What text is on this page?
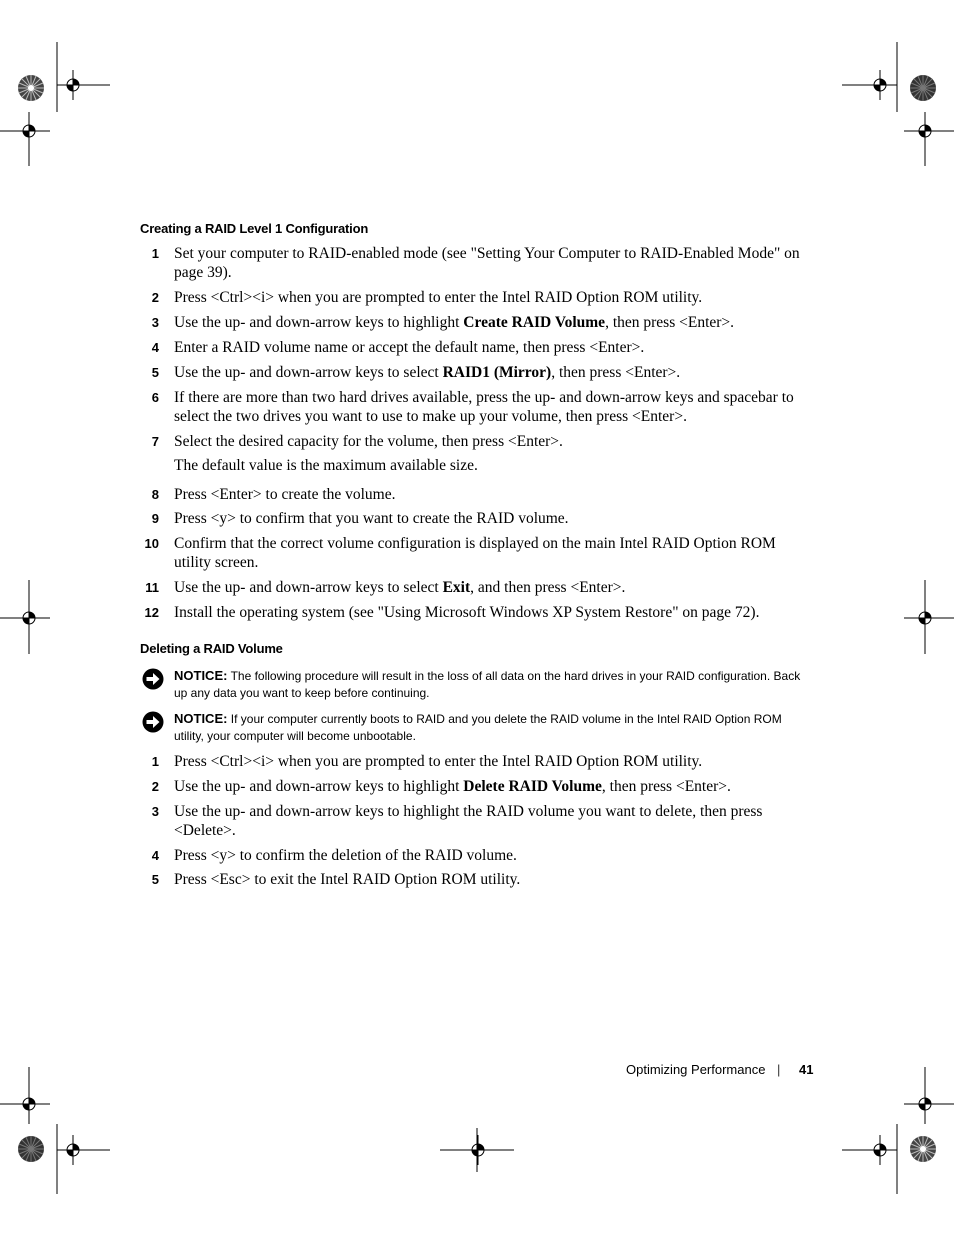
Creating a RAID Level 1 Configuration
1 Set your computer to RAID-enabled mode (see "Setting Your Computer to RAID-Enabled Mode" on page 39).
2 Press <Ctrl><i> when you are prompted to enter the Intel RAID Option ROM utility.
3 Use the up- and down-arrow keys to highlight Create RAID Volume, then press <Enter>.
4 Enter a RAID volume name or accept the default name, then press <Enter>.
5 Use the up- and down-arrow keys to select RAID1 (Mirror), then press <Enter>.
6 If there are more than two hard drives available, press the up- and down-arrow keys and spacebar to select the two drives you want to use to make up your volume, then press <Enter>.
7 Select the desired capacity for the volume, then press <Enter>.
The default value is the maximum available size.
8 Press <Enter> to create the volume.
9 Press <y> to confirm that you want to create the RAID volume.
10 Confirm that the correct volume configuration is displayed on the main Intel RAID Option ROM utility screen.
11 Use the up- and down-arrow keys to select Exit, and then press <Enter>.
12 Install the operating system (see "Using Microsoft Windows XP System Restore" on page 72).
Deleting a RAID Volume
NOTICE: The following procedure will result in the loss of all data on the hard drives in your RAID configuration. Back up any data you want to keep before continuing.
NOTICE: If your computer currently boots to RAID and you delete the RAID volume in the Intel RAID Option ROM utility, your computer will become unbootable.
1 Press <Ctrl><i> when you are prompted to enter the Intel RAID Option ROM utility.
2 Use the up- and down-arrow keys to highlight Delete RAID Volume, then press <Enter>.
3 Use the up- and down-arrow keys to highlight the RAID volume you want to delete, then press <Delete>.
4 Press <y> to confirm the deletion of the RAID volume.
5 Press <Esc> to exit the Intel RAID Option ROM utility.
Optimizing Performance | 41
